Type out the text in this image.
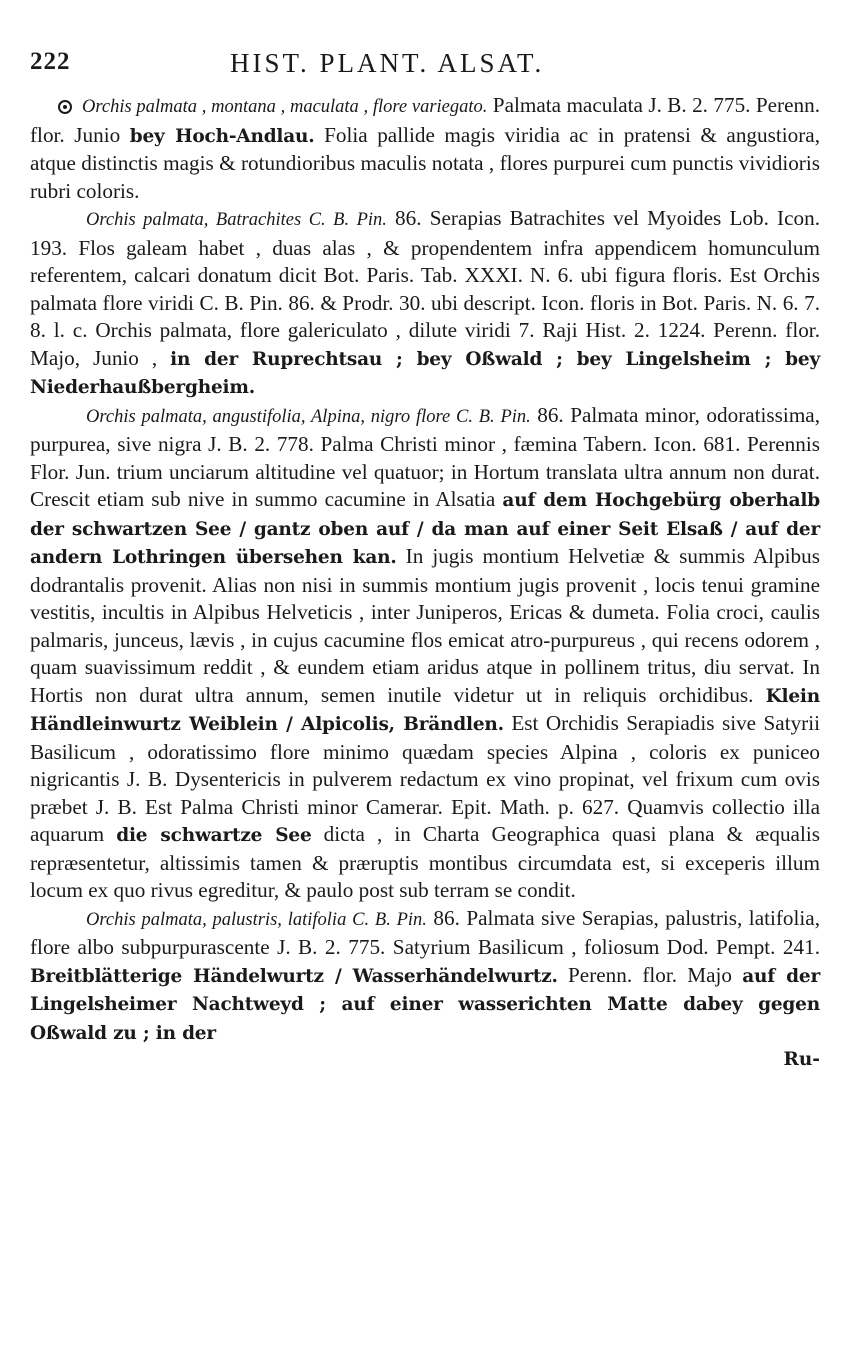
222	HIST. PLANT. ALSAT.

Orchis palmata , montana , maculata , flore variegato. Palmata maculata J. B. 2. 775. Perenn. flor. Junio bey Hoch-Andlau. Folia pallide magis viridia ac in pratensi & angustiora, atque distinctis magis & rotundioribus maculis notata , flores purpurei cum punctis vividioris rubri coloris.

Orchis palmata, Batrachites C. B. Pin. 86. Serapias Batrachites vel Myoides Lob. Icon. 193. Flos galeam habet , duas alas , & propendentem infra appendicem homunculum referentem, calcari donatum dicit Bot. Paris. Tab. XXXI. N. 6. ubi figura floris. Est Orchis palmata flore viridi C. B. Pin. 86. & Prodr. 30. ubi descript. Icon. floris in Bot. Paris. N. 6. 7. 8. l. c. Orchis palmata, flore galericulato , dilute viridi 7. Raji Hist. 2. 1224. Perenn. flor. Majo, Junio , in der Ruprechtsau ; bey Oßwald ; bey Lingelsheim ; bey Niederhaußbergheim.

Orchis palmata, angustifolia, Alpina, nigro flore C. B. Pin. 86. Palmata minor, odoratissima, purpurea, sive nigra J. B. 2. 778. Palma Christi minor , fæmina Tabern. Icon. 681. Perennis Flor. Jun. trium unciarum altitudine vel quatuor; in Hortum translata ultra annum non durat. Crescit etiam sub nive in summo cacumine in Alsatia auf dem Hochgebürg oberhalb der schwartzen See / gantz oben auf / da man auf einer Seit Elsaß / auf der andern Lothringen übersehen kan. In jugis montium Helvetiæ & summis Alpibus dodrantalis provenit. Alias non nisi in summis montium jugis provenit , locis tenui gramine vestitis, incultis in Alpibus Helveticis , inter Juniperos, Ericas & dumeta. Folia croci, caulis palmaris, junceus, lævis , in cujus cacumine flos emicat atro-purpureus , qui recens odorem , quam suavissimum reddit , & eundem etiam aridus atque in pollinem tritus, diu servat. In Hortis non durat ultra annum, semen inutile videtur ut in reliquis orchidibus. Klein Händleinwurtz Weiblein / Alpicolis, Brändlen. Est Orchidis Serapiadis sive Satyrii Basilicum , odoratissimo flore minimo quædam species Alpina , coloris ex puniceo nigricantis J. B. Dysentericis in pulverem redactum ex vino propinat, vel frixum cum ovis præbet J. B. Est Palma Christi minor Camerar. Epit. Math. p. 627. Quamvis collectio illa aquarum die schwartze See dicta , in Charta Geographica quasi plana & æqualis repræsentetur, altissimis tamen & præruptis montibus circumdata est, si exceperis illum locum ex quo rivus egreditur, & paulo post sub terram se condit.

Orchis palmata, palustris, latifolia C. B. Pin. 86. Palmata sive Serapias, palustris, latifolia, flore albo subpurpurascente J. B. 2. 775. Satyrium Basilicum , foliosum Dod. Pempt. 241. Breitblätterige Händelwurtz / Wasserhändelwurtz. Perenn. flor. Majo auf der Lingelsheimer Nachtweyd ; auf einer wasserichten Matte dabey gegen Oßwald zu ; in der

Ru-
